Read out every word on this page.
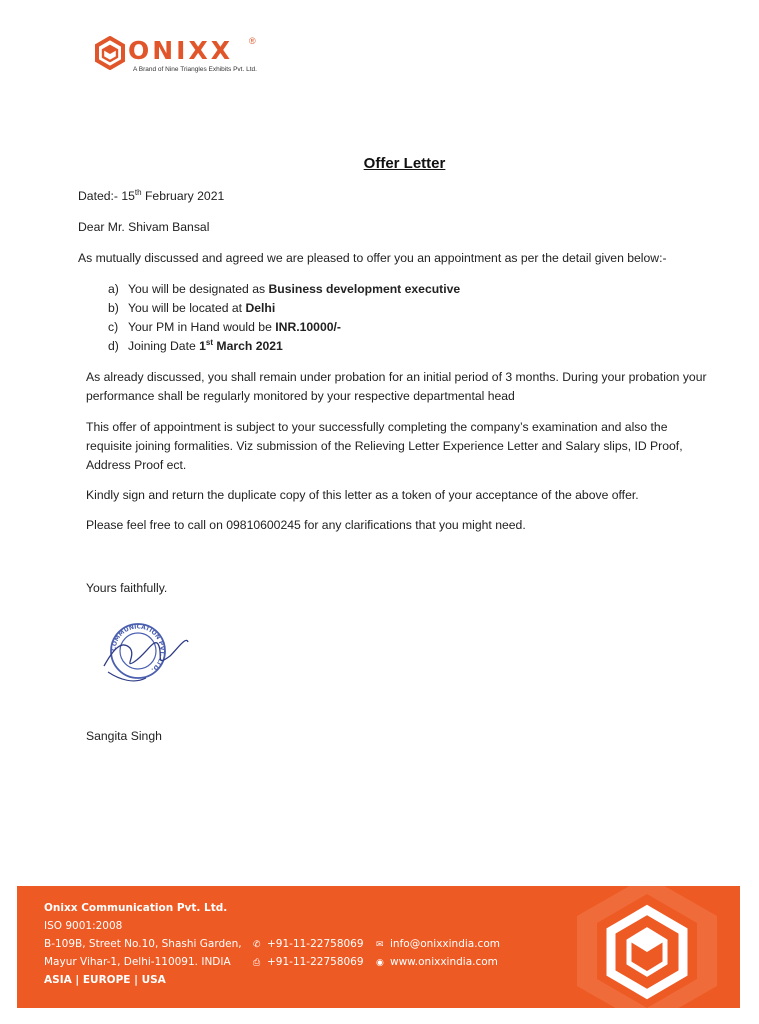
ONIXX ®
A Brand of Nine Triangles Exhibits Pvt. Ltd.
Offer Letter
Dated:- 15th February 2021
Dear Mr. Shivam Bansal
As mutually discussed and agreed we are pleased to offer you an appointment as per the detail given below:-
a) You will be designated as Business development executive
b) You will be located at Delhi
c) Your PM in Hand would be INR.10000/-
d) Joining Date 1st March 2021
As already discussed, you shall remain under probation for an initial period of 3 months. During your probation your
performance shall be regularly monitored by your respective departmental head
This offer of appointment is subject to your successfully completing the company’s examination and also the
requisite joining formalities. Viz submission of the Relieving Letter Experience Letter and Salary slips, ID Proof,
Address Proof ect.
Kindly sign and return the duplicate copy of this letter as a token of your acceptance of the above offer.
Please feel free to call on 09810600245 for any clarifications that you might need.
Yours faithfully.
COMMUNICATION PVT. LTD.
Sangita Singh
Onixx Communication Pvt. Ltd.
ISO 9001:2008
B-109B, Street No.10, Shashi Garden,
Mayur Vihar-1, Delhi-110091. INDIA
ASIA | EUROPE | USA
✆ +91-11-22758069
⎙ +91-11-22758069
✉ info@onixxindia.com
◉ www.onixxindia.com
